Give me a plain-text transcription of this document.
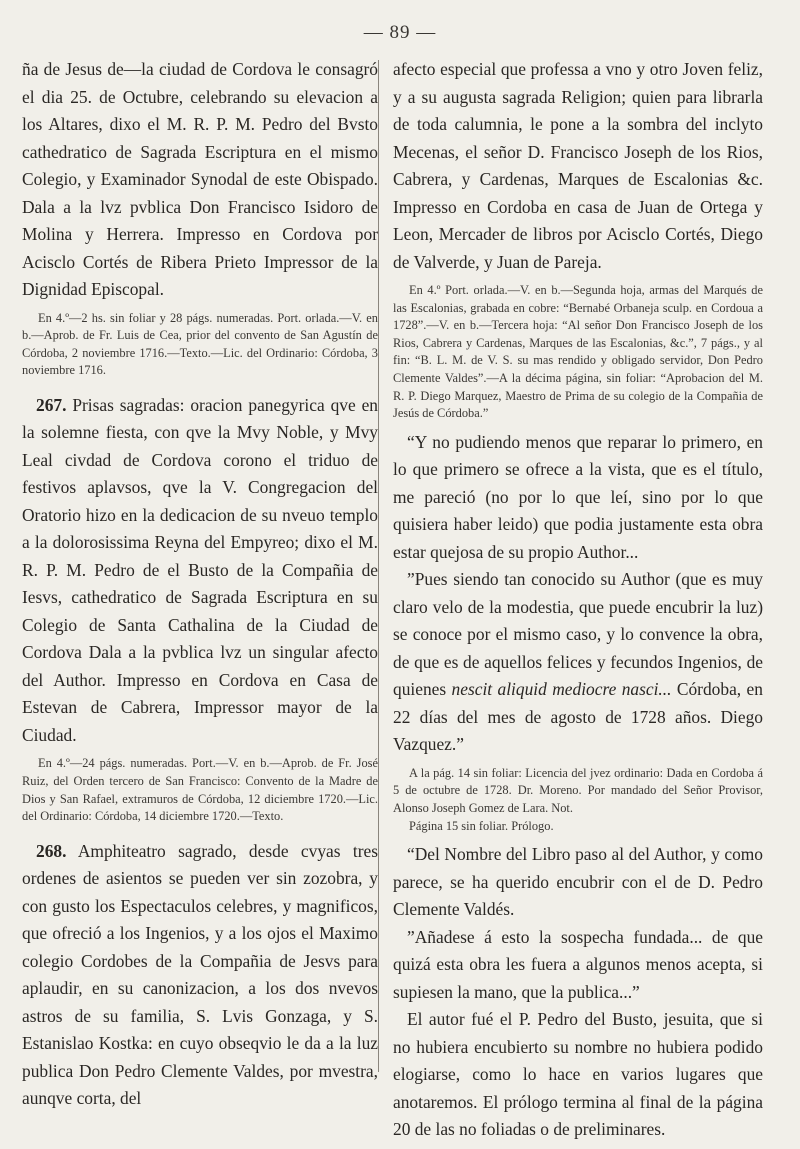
— 89 —

ña de Jesus de—la ciudad de Cordova le consagró el dia 25. de Octubre, celebrando su elevacion a los Altares, dixo el M. R. P. M. Pedro del Bvsto cathedratico de Sagrada Escriptura en el mismo Colegio, y Examinador Synodal de este Obispado. Dala a la lvz pvblica Don Francisco Isidoro de Molina y Herrera. Impresso en Cordova por Acisclo Cortés de Ribera Prieto Impressor de la Dignidad Episcopal.

En 4.º—2 hs. sin foliar y 28 págs. numeradas. Port. orlada.—V. en b.—Aprob. de Fr. Luis de Cea, prior del convento de San Agustín de Córdoba, 2 noviembre 1716.—Texto.—Lic. del Ordinario: Córdoba, 3 noviembre 1716.

267. Prisas sagradas: oracion panegyrica qve en la solemne fiesta, con qve la Mvy Noble, y Mvy Leal civdad de Cordova corono el triduo de festivos aplavsos, qve la V. Congregacion del Oratorio hizo en la dedicacion de su nveuo templo a la dolorosissima Reyna del Empyreo; dixo el M. R. P. M. Pedro de el Busto de la Compañia de Iesvs, cathedratico de Sagrada Escriptura en su Colegio de Santa Cathalina de la Ciudad de Cordova Dala a la pvblica lvz un singular afecto del Author. Impresso en Cordova en Casa de Estevan de Cabrera, Impressor mayor de la Ciudad.

En 4.º—24 págs. numeradas. Port.—V. en b.—Aprob. de Fr. José Ruiz, del Orden tercero de San Francisco: Convento de la Madre de Dios y San Rafael, extramuros de Córdoba, 12 diciembre 1720.—Lic. del Ordinario: Córdoba, 14 diciembre 1720.—Texto.

268. Amphiteatro sagrado, desde cvyas tres ordenes de asientos se pueden ver sin zozobra, y con gusto los Espectaculos celebres, y magnificos, que ofreció a los Ingenios, y a los ojos el Maximo colegio Cordobes de la Compañia de Jesvs para aplaudir, en su canonizacion, a los dos nvevos astros de su familia, S. Lvis Gonzaga, y S. Estanislao Kostka: en cuyo obseqvio le da a la luz publica Don Pedro Clemente Valdes, por mvestra, aunqve corta, del

afecto especial que professa a vno y otro Joven feliz, y a su augusta sagrada Religion; quien para librarla de toda calumnia, le pone a la sombra del inclyto Mecenas, el señor D. Francisco Joseph de los Rios, Cabrera, y Cardenas, Marques de Escalonias &c. Impresso en Cordoba en casa de Juan de Ortega y Leon, Mercader de libros por Acisclo Cortés, Diego de Valverde, y Juan de Pareja.

En 4.º Port. orlada.—V. en b.—Segunda hoja, armas del Marqués de las Escalonias, grabada en cobre: “Bernabé Orbaneja sculp. en Cordoua a 1728”.—V. en b.—Tercera hoja: “Al señor Don Francisco Joseph de los Rios, Cabrera y Cardenas, Marques de las Escalonias, &c.”, 7 págs., y al fin: “B. L. M. de V. S. su mas rendido y obligado servidor, Don Pedro Clemente Valdes”.—A la décima página, sin foliar: “Aprobacion del M. R. P. Diego Marquez, Maestro de Prima de su colegio de la Compañia de Jesús de Córdoba.”

“Y no pudiendo menos que reparar lo primero, en lo que primero se ofrece a la vista, que es el título, me pareció (no por lo que leí, sino por lo que quisiera haber leido) que podia justamente esta obra estar quejosa de su propio Author...

”Pues siendo tan conocido su Author (que es muy claro velo de la modestia, que puede encubrir la luz) se conoce por el mismo caso, y lo convence la obra, de que es de aquellos felices y fecundos Ingenios, de quienes nescit aliquid mediocre nasci... Córdoba, en 22 días del mes de agosto de 1728 años. Diego Vazquez.”

A la pág. 14 sin foliar: Licencia del jvez ordinario: Dada en Cordoba á 5 de octubre de 1728. Dr. Moreno. Por mandado del Señor Provisor, Alonso Joseph Gomez de Lara. Not.

Página 15 sin foliar. Prólogo.

“Del Nombre del Libro paso al del Author, y como parece, se ha querido encubrir con el de D. Pedro Clemente Valdés.

”Añadese á esto la sospecha fundada... de que quizá esta obra les fuera a algunos menos acepta, si supiesen la mano, que la publica...”

El autor fué el P. Pedro del Busto, jesuita, que si no hubiera encubierto su nombre no hubiera podido elogiarse, como lo hace en varios lugares que anotaremos. El prólogo termina al final de la página 20 de las no foliadas o de preliminares.
